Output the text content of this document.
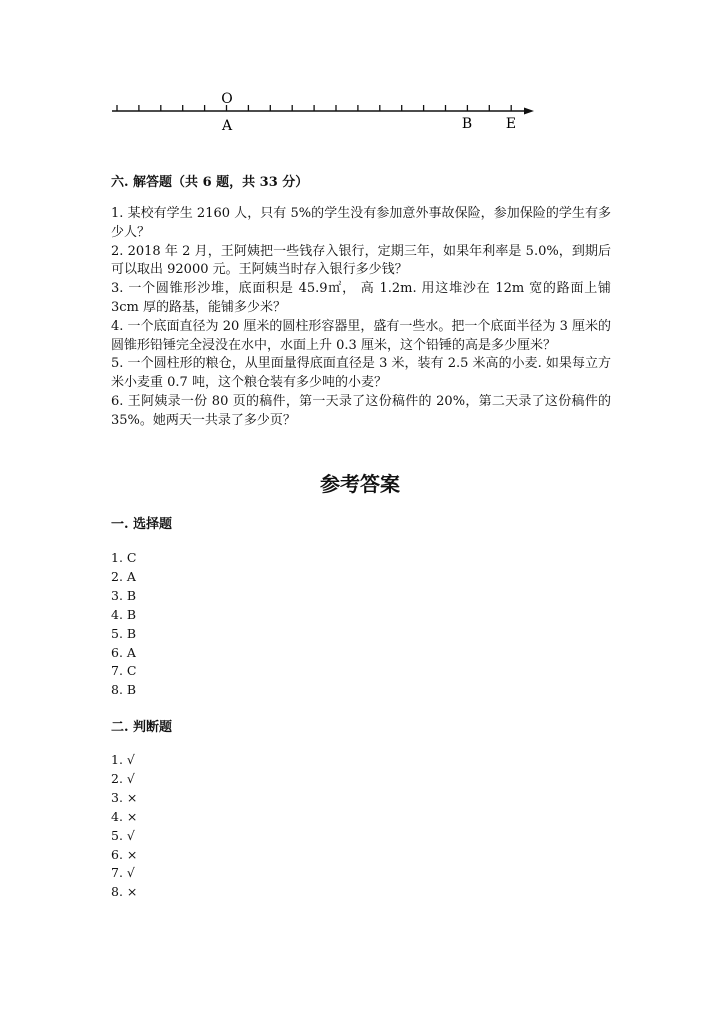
O
A	B E
六. 解答题（共 6 题，共 33 分）

1. 某校有学生 2160 人，只有 5%的学生没有参加意外事故保险，参加保险的学生有多少人？

2. 2018 年 2 月，王阿姨把一些钱存入银行，定期三年，如果年利率是 5.0%，到期后可以取出 92000 元。王阿姨当时存入银行多少钱？

3. 一个圆锥形沙堆，底面积是 45.9㎡， 高 1.2m. 用这堆沙在 12m 宽的路面上铺 3cm 厚的路基，能铺多少米？

4. 一个底面直径为 20 厘米的圆柱形容器里，盛有一些水。把一个底面半径为 3 厘米的圆锥形铅锤完全浸没在水中，水面上升 0.3 厘米，这个铅锤的高是多少厘米？

5. 一个圆柱形的粮仓，从里面量得底面直径是 3 米，装有 2.5 米高的小麦. 如果每立方米小麦重 0.7 吨，这个粮仓装有多少吨的小麦？

6. 王阿姨录一份 80 页的稿件，第一天录了这份稿件的 20%，第二天录了这份稿件的 35%。她两天一共录了多少页？

参考答案
一. 选择题
1. C
2. A
3. B
4. B
5. B
6. A
7. C
8. B
二. 判断题
1. √
2. √
3. ×
4. ×
5. √
6. ×
7. √
8. ×
